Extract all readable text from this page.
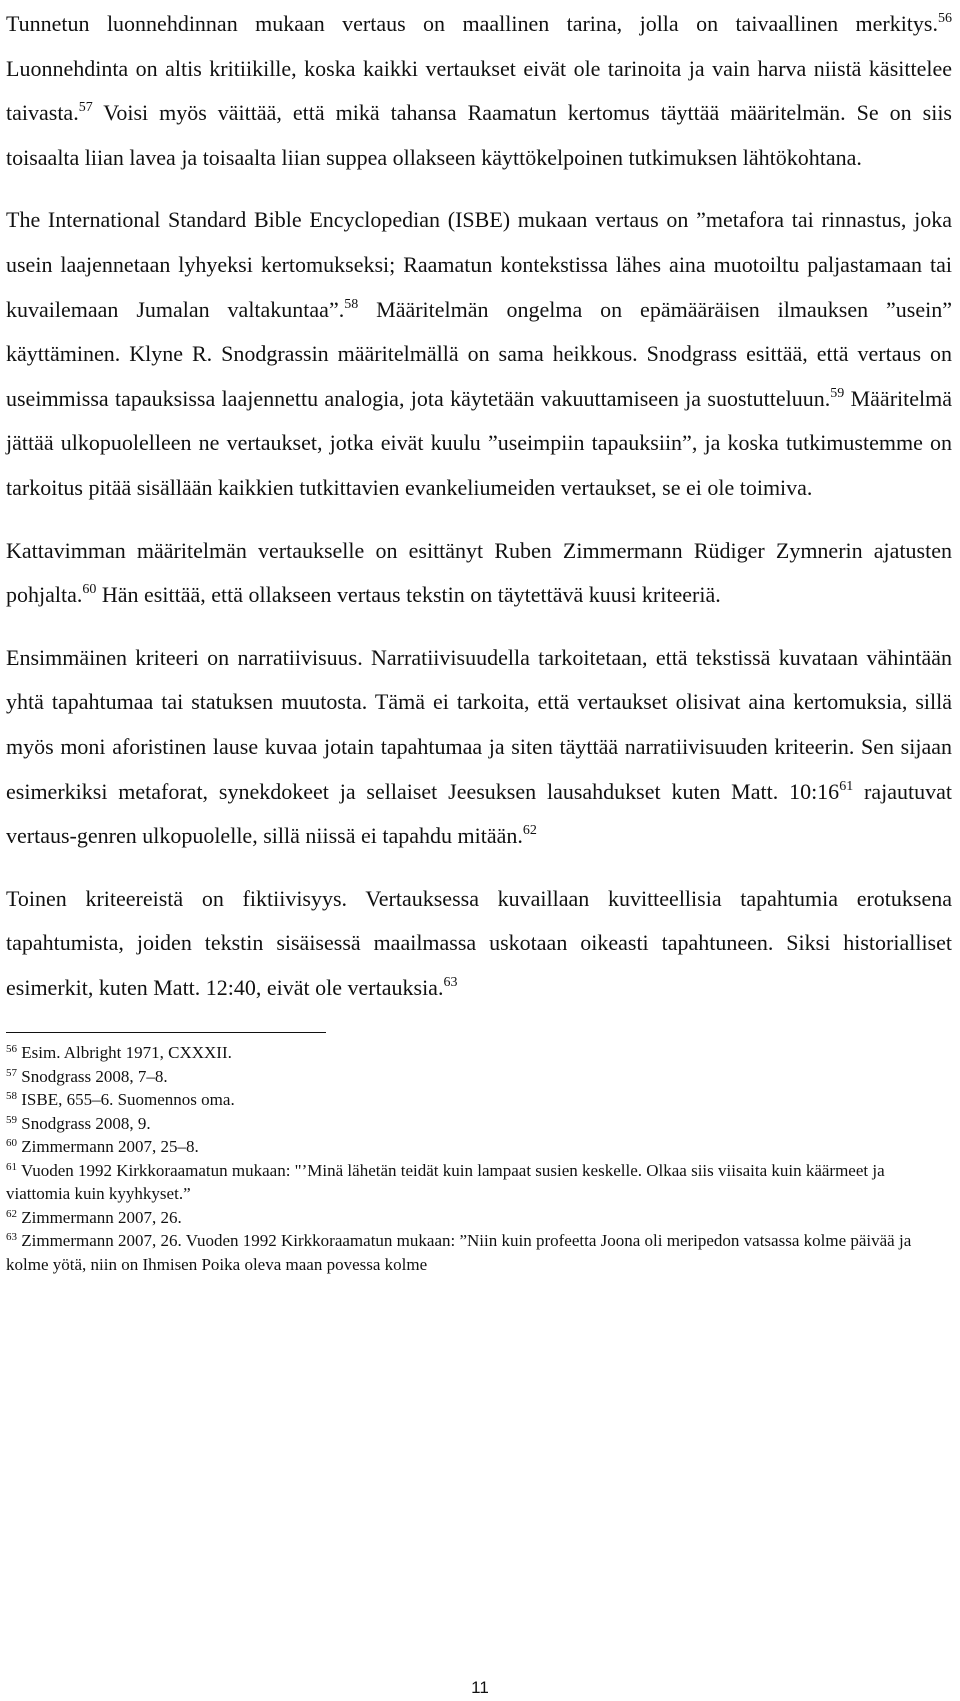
Tunnetun luonnehdinnan mukaan vertaus on maallinen tarina, jolla on taivaallinen merkitys.$^{56}$ Luonnehdinta on altis kritiikille, koska kaikki vertaukset eivät ole tarinoita ja vain harva niistä käsittelee taivasta.$^{57}$ Voisi myös väittää, että mikä tahansa Raamatun kertomus täyttää määritelmän. Se on siis toisaalta liian lavea ja toisaalta liian suppea ollakseen käyttökelpoinen tutkimuksen lähtökohtana.

The International Standard Bible Encyclopedian (ISBE) mukaan vertaus on ”metafora tai rinnastus, joka usein laajennetaan lyhyeksi kertomukseksi; Raamatun kontekstissa lähes aina muotoiltu paljastamaan tai kuvailemaan Jumalan valtakuntaa”.$^{58}$ Määritelmän ongelma on epämääräisen ilmauksen ”usein” käyttäminen. Klyne R. Snodgrassin määritelmällä on sama heikkous. Snodgrass esittää, että vertaus on useimmissa tapauksissa laajennettu analogia, jota käytetään vakuuttamiseen ja suostutteluun.$^{59}$ Määritelmä jättää ulkopuolelleen ne vertaukset, jotka eivät kuulu ”useimpiin tapauksiin”, ja koska tutkimustemme on tarkoitus pitää sisällään kaikkien tutkittavien evankeliumeiden vertaukset, se ei ole toimiva.

Kattavimman määritelmän vertaukselle on esittänyt Ruben Zimmermann Rüdiger Zymnerin ajatusten pohjalta.$^{60}$ Hän esittää, että ollakseen vertaus tekstin on täytettävä kuusi kriteeriä.

Ensimmäinen kriteeri on narratiivisuus. Narratiivisuudella tarkoitetaan, että tekstissä kuvataan vähintään yhtä tapahtumaa tai statuksen muutosta. Tämä ei tarkoita, että vertaukset olisivat aina kertomuksia, sillä myös moni aforistinen lause kuvaa jotain tapahtumaa ja siten täyttää narratiivisuuden kriteerin. Sen sijaan esimerkiksi metaforat, synekdokeet ja sellaiset Jeesuksen lausahdukset kuten Matt. $10:16^{61}$ rajautuvat vertaus-genren ulkopuolelle, sillä niissä ei tapahdu mitään.$^{62}$

Toinen kriteereistä on fiktiivisyys. Vertauksessa kuvaillaan kuvitteellisia tapahtumia erotuksena tapahtumista, joiden tekstin sisäisessä maailmassa uskotaan oikeasti tapahtuneen. Siksi historialliset esimerkit, kuten Matt. 12:40, eivät ole vertauksia.$^{63}$

$^{56}$ Esim. Albright 1971, CXXXII.

$^{57}$ Snodgrass 2008, 7–8.

$^{58}$ ISBE, 655–6. Suomennos oma.

$^{59}$ Snodgrass 2008, 9.

$^{60}$ Zimmermann 2007, 25–8.

$^{61}$ Vuoden 1992 Kirkkoraamatun mukaan: "’Minä lähetän teidät kuin lampaat susien keskelle. Olkaa siis viisaita kuin käärmeet ja viattomia kuin kyyhkyset.”

$^{62}$ Zimmermann 2007, 26.

$^{63}$ Zimmermann 2007, 26. Vuoden 1992 Kirkkoraamatun mukaan: ”Niin kuin profeetta Joona oli meripedon vatsassa kolme päivää ja kolme yötä, niin on Ihmisen Poika oleva maan povessa kolme

11
